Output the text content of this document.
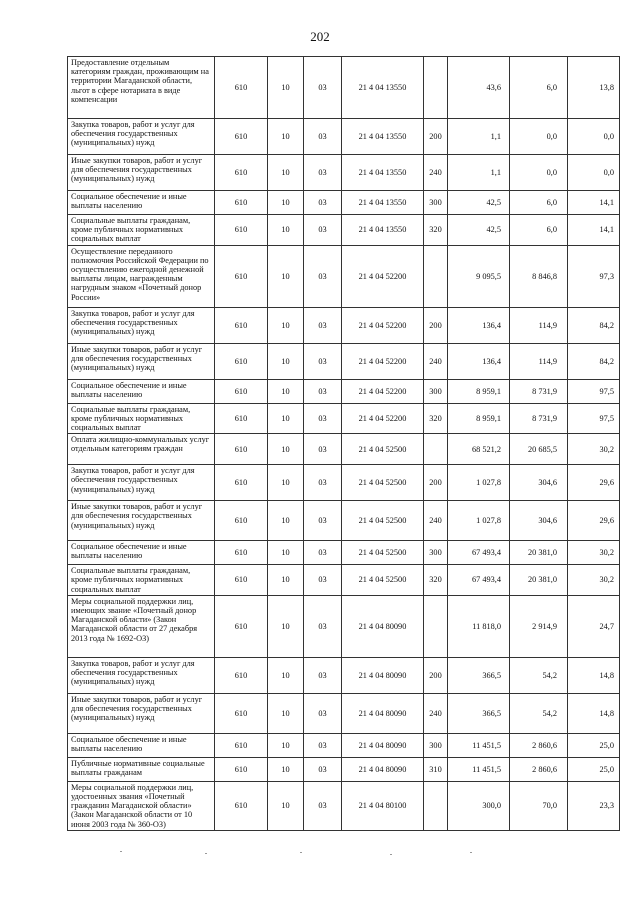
202
Предоставление отдельным категориям граждан, проживающим на территории Магаданской области, льгот в сфере нотариата в виде компенсации	610	10	03	21 4 04 13550		43,6	6,0	13,8
Закупка товаров, работ и услуг для обеспечения государственных (муниципальных) нужд	610	10	03	21 4 04 13550	200	1,1	0,0	0,0
Иные закупки товаров, работ и услуг для обеспечения государственных (муниципальных) нужд	610	10	03	21 4 04 13550	240	1,1	0,0	0,0
Социальное обеспечение и иные выплаты населению	610	10	03	21 4 04 13550	300	42,5	6,0	14,1
Социальные выплаты гражданам, кроме публичных нормативных социальных выплат	610	10	03	21 4 04 13550	320	42,5	6,0	14,1
Осуществление переданного полномочия Российской Федерации по осуществлению ежегодной денежной выплаты лицам, награжденным нагрудным знаком «Почетный донор России»	610	10	03	21 4 04 52200		9 095,5	8 846,8	97,3
Закупка товаров, работ и услуг для обеспечения государственных (муниципальных) нужд	610	10	03	21 4 04 52200	200	136,4	114,9	84,2
Иные закупки товаров, работ и услуг для обеспечения государственных (муниципальных) нужд	610	10	03	21 4 04 52200	240	136,4	114,9	84,2
Социальное обеспечение и иные выплаты населению	610	10	03	21 4 04 52200	300	8 959,1	8 731,9	97,5
Социальные выплаты гражданам, кроме публичных нормативных социальных выплат	610	10	03	21 4 04 52200	320	8 959,1	8 731,9	97,5
Оплата жилищно-коммунальных услуг отдельным категориям граждан	610	10	03	21 4 04 52500		68 521,2	20 685,5	30,2
Закупка товаров, работ и услуг для обеспечения государственных (муниципальных) нужд	610	10	03	21 4 04 52500	200	1 027,8	304,6	29,6
Иные закупки товаров, работ и услуг для обеспечения государственных (муниципальных) нужд	610	10	03	21 4 04 52500	240	1 027,8	304,6	29,6
Социальное обеспечение и иные выплаты населению	610	10	03	21 4 04 52500	300	67 493,4	20 381,0	30,2
Социальные выплаты гражданам, кроме публичных нормативных социальных выплат	610	10	03	21 4 04 52500	320	67 493,4	20 381,0	30,2
Меры социальной поддержки лиц, имеющих звание «Почетный донор Магаданской области» (Закон Магаданской области от 27 декабря 2013 года № 1692-ОЗ)	610	10	03	21 4 04 80090		11 818,0	2 914,9	24,7
Закупка товаров, работ и услуг для обеспечения государственных (муниципальных) нужд	610	10	03	21 4 04 80090	200	366,5	54,2	14,8
Иные закупки товаров, работ и услуг для обеспечения государственных (муниципальных) нужд	610	10	03	21 4 04 80090	240	366,5	54,2	14,8
Социальное обеспечение и иные выплаты населению	610	10	03	21 4 04 80090	300	11 451,5	2 860,6	25,0
Публичные нормативные социальные выплаты гражданам	610	10	03	21 4 04 80090	310	11 451,5	2 860,6	25,0
Меры социальной поддержки лиц, удостоенных звания «Почетный гражданин Магаданской области» (Закон Магаданской области от 10 июня 2003 года № 360-ОЗ)	610	10	03	21 4 04 80100		300,0	70,0	23,3
